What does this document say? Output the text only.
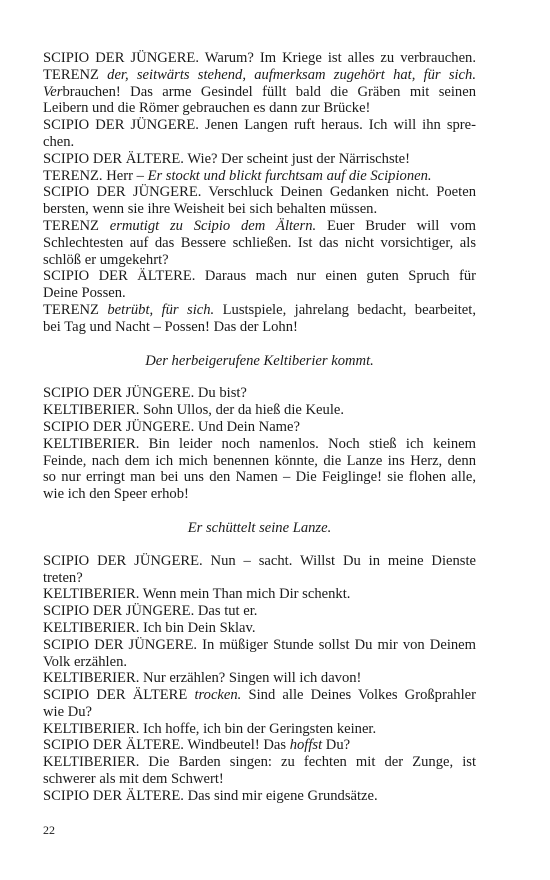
SCIPIO DER JÜNGERE. Warum? Im Kriege ist alles zu verbrauchen.
TERENZ der, seitwärts stehend, aufmerksam zugehört hat, für sich.
Verbrauchen! Das arme Gesindel füllt bald die Gräben mit seinen
Leibern und die Römer gebrauchen es dann zur Brücke!
SCIPIO DER JÜNGERE. Jenen Langen ruft heraus. Ich will ihn spre-
chen.
SCIPIO DER ÄLTERE. Wie? Der scheint just der Närrischste!
TERENZ. Herr – Er stockt und blickt furchtsam auf die Scipionen.
SCIPIO DER JÜNGERE. Verschluck Deinen Gedanken nicht. Poeten
bersten, wenn sie ihre Weisheit bei sich behalten müssen.
TERENZ ermutigt zu Scipio dem Ältern. Euer Bruder will vom
Schlechtesten auf das Bessere schließen. Ist das nicht vorsichtiger, als
schlöß er umgekehrt?
SCIPIO DER ÄLTERE. Daraus mach nur einen guten Spruch für
Deine Possen.
TERENZ betrübt, für sich. Lustspiele, jahrelang bedacht, bearbeitet,
bei Tag und Nacht – Possen! Das der Lohn!
Der herbeigerufene Keltiberier kommt.
SCIPIO DER JÜNGERE. Du bist?
KELTIBERIER. Sohn Ullos, der da hieß die Keule.
SCIPIO DER JÜNGERE. Und Dein Name?
KELTIBERIER. Bin leider noch namenlos. Noch stieß ich keinem
Feinde, nach dem ich mich benennen könnte, die Lanze ins Herz, denn
so nur erringt man bei uns den Namen – Die Feiglinge! sie flohen alle,
wie ich den Speer erhob!
Er schüttelt seine Lanze.
SCIPIO DER JÜNGERE. Nun – sacht. Willst Du in meine Dienste
treten?
KELTIBERIER. Wenn mein Than mich Dir schenkt.
SCIPIO DER JÜNGERE. Das tut er.
KELTIBERIER. Ich bin Dein Sklav.
SCIPIO DER JÜNGERE. In müßiger Stunde sollst Du mir von Deinem
Volk erzählen.
KELTIBERIER. Nur erzählen? Singen will ich davon!
SCIPIO DER ÄLTERE trocken. Sind alle Deines Volkes Großprahler
wie Du?
KELTIBERIER. Ich hoffe, ich bin der Geringsten keiner.
SCIPIO DER ÄLTERE. Windbeutel! Das hoffst Du?
KELTIBERIER. Die Barden singen: zu fechten mit der Zunge, ist
schwerer als mit dem Schwert!
SCIPIO DER ÄLTERE. Das sind mir eigene Grundsätze.
22
